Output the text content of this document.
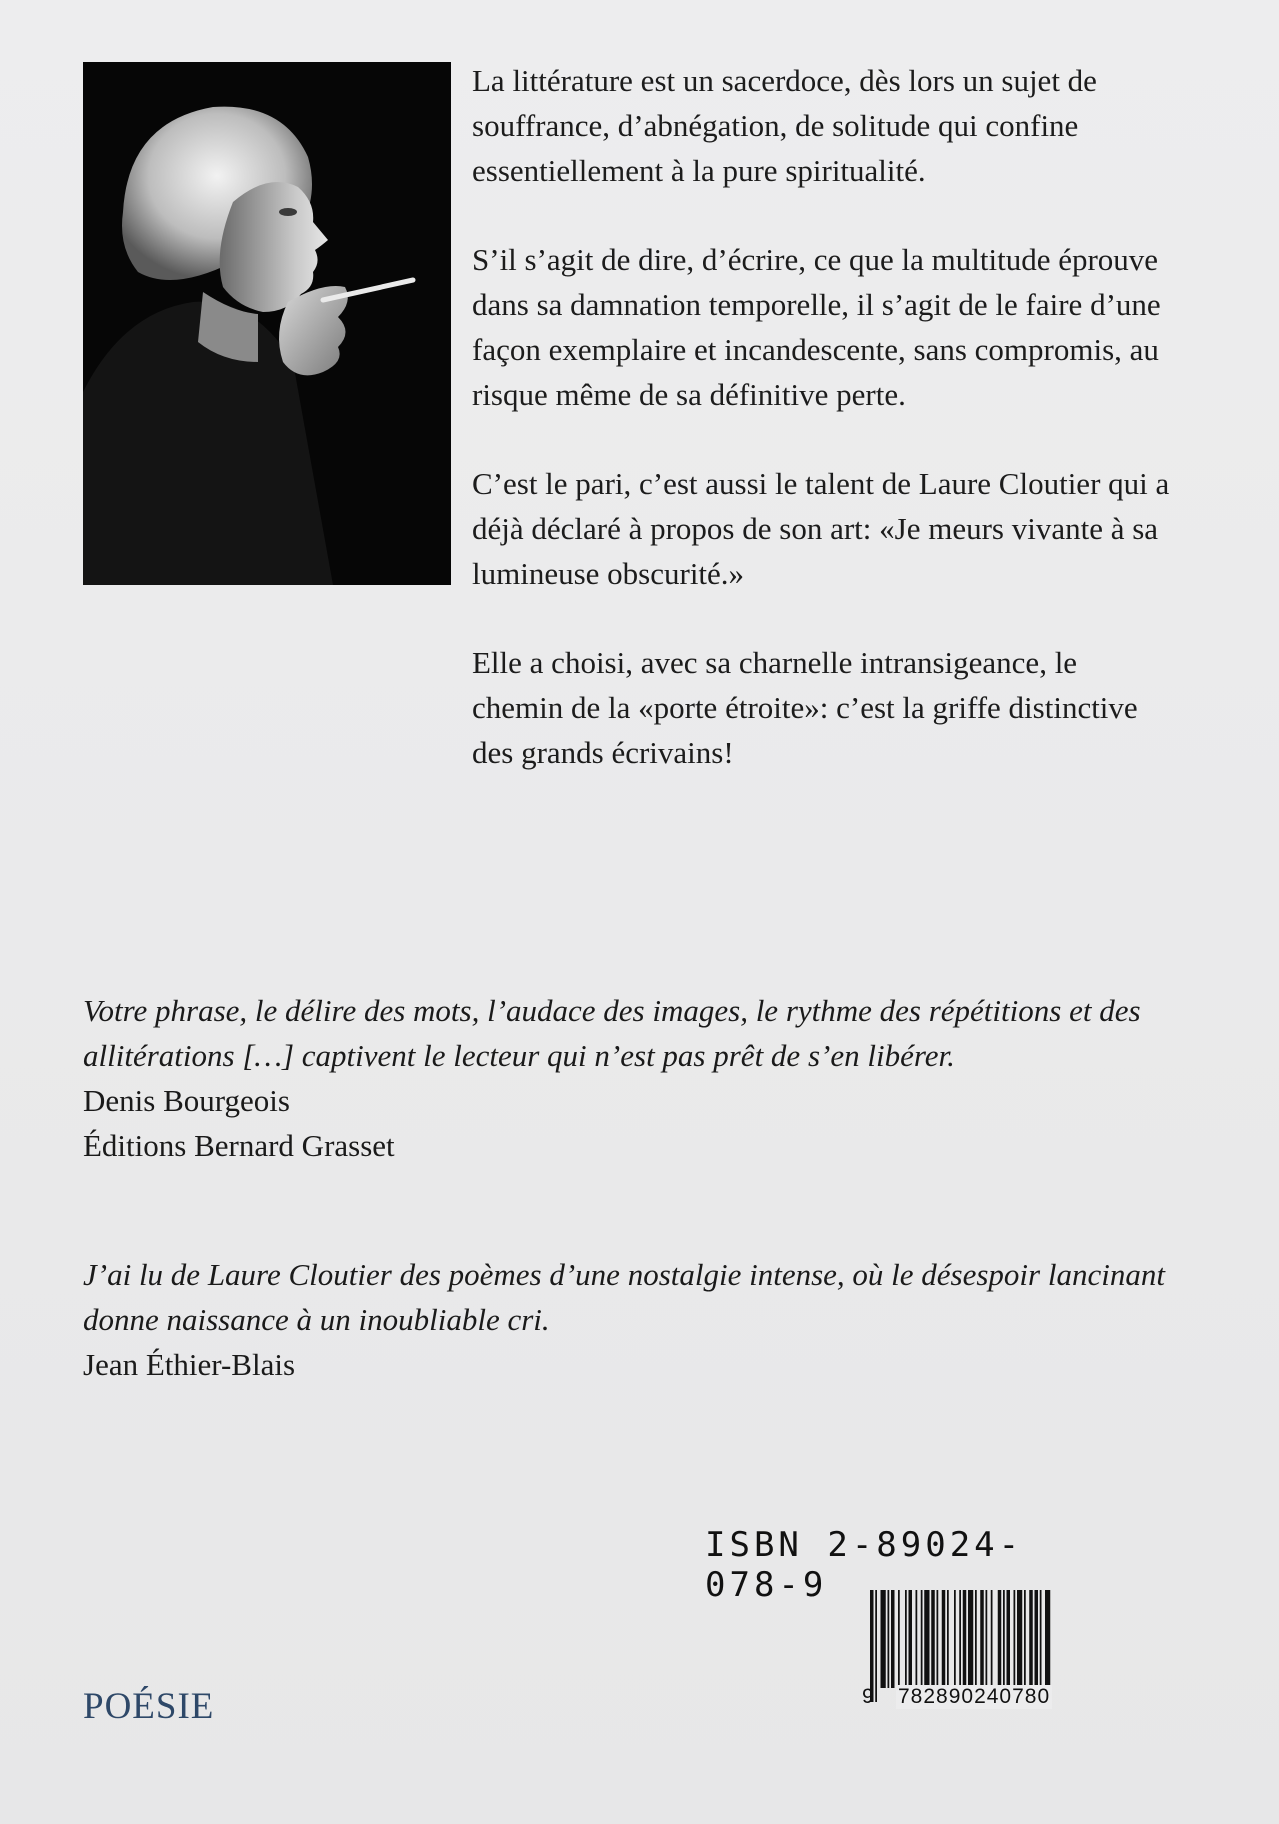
La littérature est un sacerdoce, dès lors un sujet de souffrance, d’abnégation, de solitude qui confine essentiellement à la pure spiritualité.

S’il s’agit de dire, d’écrire, ce que la multitude éprouve dans sa damnation temporelle, il s’agit de le faire d’une façon exemplaire et incandescente, sans compromis, au risque même de sa définitive perte.

C’est le pari, c’est aussi le talent de Laure Cloutier qui a déjà déclaré à propos de son art: «Je meurs vivante à sa lumineuse obscurité.»

Elle a choisi, avec sa charnelle intransigeance, le chemin de la «porte étroite»: c’est la griffe distinctive des grands écrivains!

Votre phrase, le délire des mots, l’audace des images, le rythme des répétitions et des allitérations […] captivent le lecteur qui n’est pas prêt de s’en libérer.

Denis Bourgeois

Éditions Bernard Grasset

J’ai lu de Laure Cloutier des poèmes d’une nostalgie intense, où le désespoir lancinant donne naissance à un inoubliable cri.

Jean Éthier-Blais

ISBN 2-89024-078-9
9 782890240780
POÉSIE
